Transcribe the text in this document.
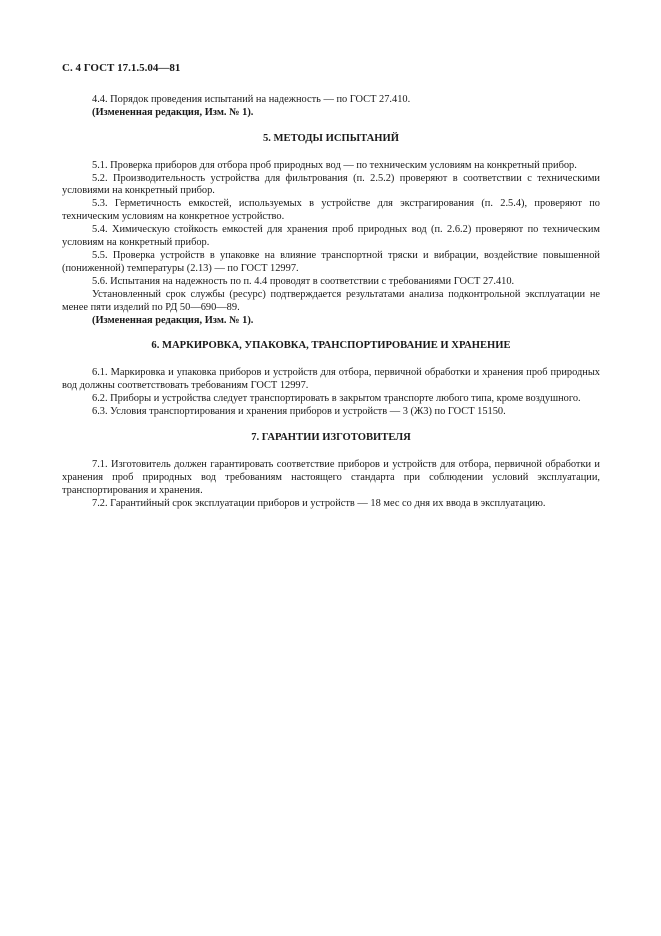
С. 4 ГОСТ 17.1.5.04—81

4.4. Порядок проведения испытаний на надежность — по ГОСТ 27.410.

(Измененная редакция, Изм. № 1).

5. МЕТОДЫ ИСПЫТАНИЙ

5.1. Проверка приборов для отбора проб природных вод — по техническим условиям на конкретный прибор.

5.2. Производительность устройства для фильтрования (п. 2.5.2) проверяют в соответствии с техническими условиями на конкретный прибор.

5.3. Герметичность емкостей, используемых в устройстве для экстрагирования (п. 2.5.4), проверяют по техническим условиям на конкретное устройство.

5.4. Химическую стойкость емкостей для хранения проб природных вод (п. 2.6.2) проверяют по техническим условиям на конкретный прибор.

5.5. Проверка устройств в упаковке на влияние транспортной тряски и вибрации, воздействие повышенной (пониженной) температуры (2.13) — по ГОСТ 12997.

5.6. Испытания на надежность по п. 4.4 проводят в соответствии с требованиями ГОСТ 27.410.

Установленный срок службы (ресурс) подтверждается результатами анализа подконтрольной эксплуатации не менее пяти изделий по РД 50—690—89.

(Измененная редакция, Изм. № 1).

6. МАРКИРОВКА, УПАКОВКА, ТРАНСПОРТИРОВАНИЕ И ХРАНЕНИЕ

6.1. Маркировка и упаковка приборов и устройств для отбора, первичной обработки и хранения проб природных вод должны соответствовать требованиям ГОСТ 12997.

6.2. Приборы и устройства следует транспортировать в закрытом транспорте любого типа, кроме воздушного.

6.3. Условия транспортирования и хранения приборов и устройств — 3 (Ж3) по ГОСТ 15150.

7. ГАРАНТИИ ИЗГОТОВИТЕЛЯ

7.1. Изготовитель должен гарантировать соответствие приборов и устройств для отбора, первичной обработки и хранения проб природных вод требованиям настоящего стандарта при соблюдении условий эксплуатации, транспортирования и хранения.

7.2. Гарантийный срок эксплуатации приборов и устройств — 18 мес со дня их ввода в эксплуатацию.
